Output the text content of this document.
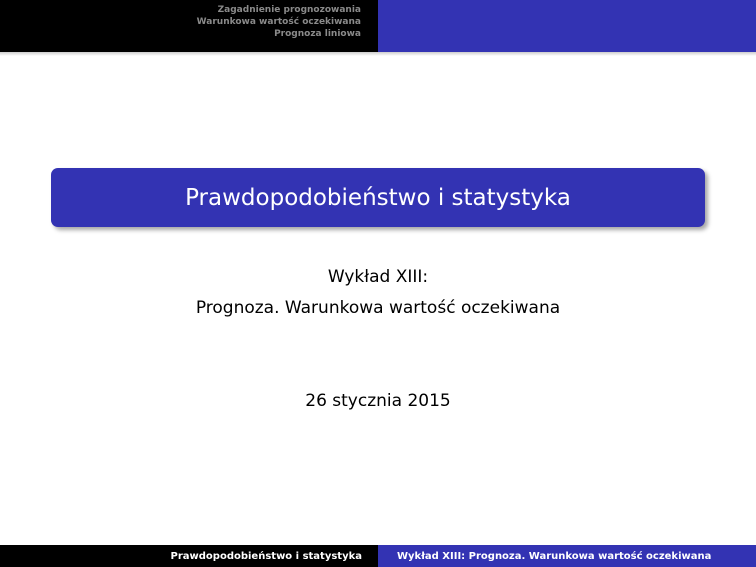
Zagadnienie prognozowania
Warunkowa wartość oczekiwana
Prognoza liniowa
Prawdopodobieństwo i statystyka
Wykład XIII:
Prognoza. Warunkowa wartość oczekiwana
26 stycznia 2015
Prawdopodobieństwo i statystyka	Wykład XIII: Prognoza. Warunkowa wartość oczekiwana
